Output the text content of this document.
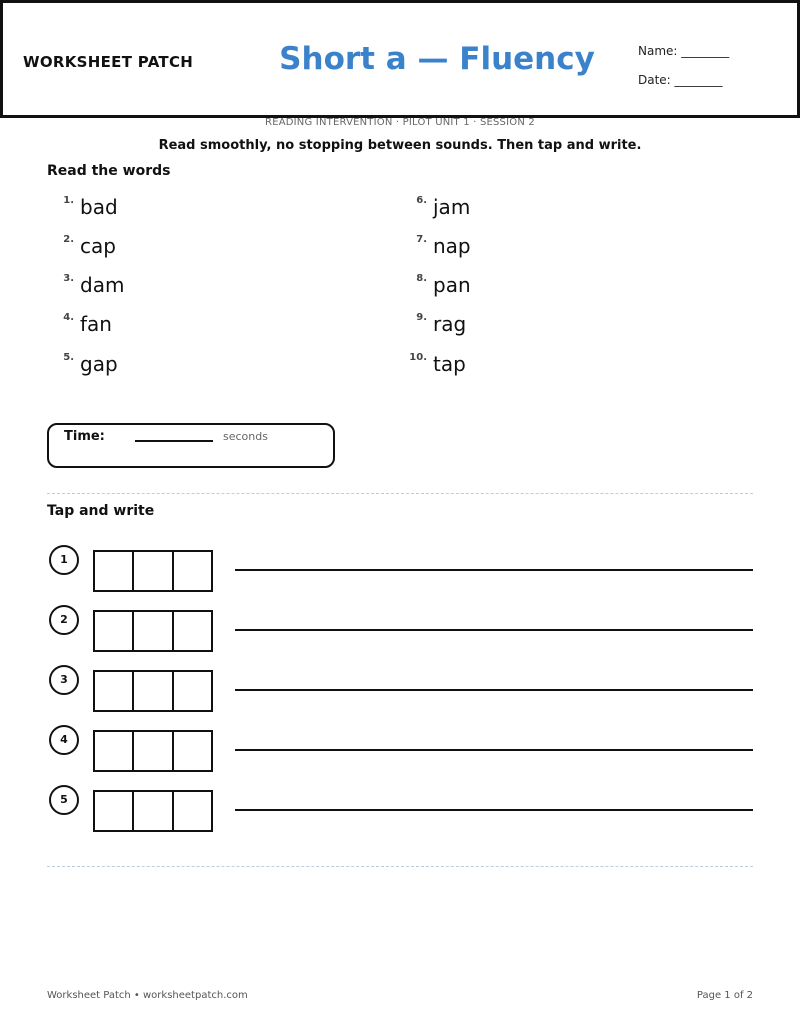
WORKSHEET PATCH	Short a — Fluency	Name: ________
Date: ________
READING INTERVENTION · PILOT UNIT 1 · SESSION 2
Read smoothly, no stopping between sounds. Then tap and write.
Read the words
1. bad
2. cap
3. dam
4. fan
5. gap
6. jam
7. nap
8. pan
9. rag
10. tap
Time:	seconds
Tap and write
1
2
3
4
5
Worksheet Patch • worksheetpatch.com	Page 1 of 2
